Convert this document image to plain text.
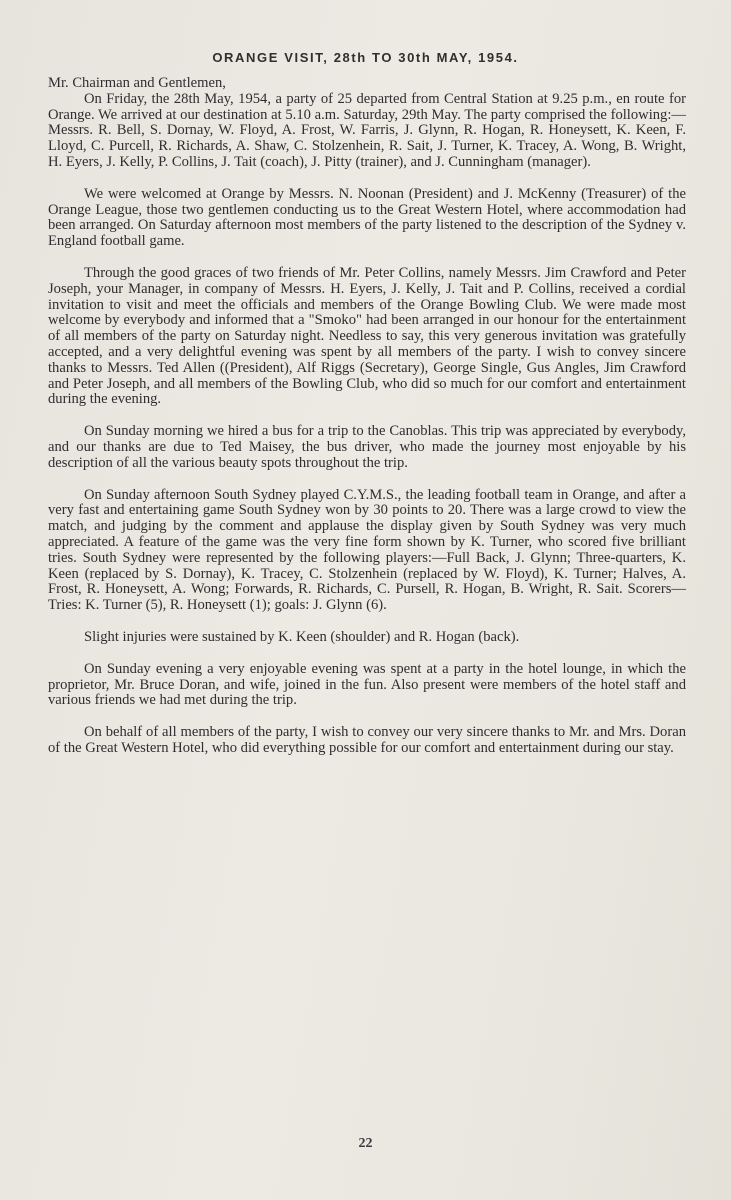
ORANGE VISIT, 28th TO 30th MAY, 1954.

Mr. Chairman and Gentlemen,

On Friday, the 28th May, 1954, a party of 25 departed from Central Station at 9.25 p.m., en route for Orange. We arrived at our destination at 5.10 a.m. Saturday, 29th May. The party comprised the following:—Messrs. R. Bell, S. Dornay, W. Floyd, A. Frost, W. Farris, J. Glynn, R. Hogan, R. Honeysett, K. Keen, F. Lloyd, C. Purcell, R. Richards, A. Shaw, C. Stolzenhein, R. Sait, J. Turner, K. Tracey, A. Wong, B. Wright, H. Eyers, J. Kelly, P. Collins, J. Tait (coach), J. Pitty (trainer), and J. Cunningham (manager).

We were welcomed at Orange by Messrs. N. Noonan (President) and J. McKenny (Treasurer) of the Orange League, those two gentlemen conducting us to the Great Western Hotel, where accommodation had been arranged. On Saturday afternoon most members of the party listened to the description of the Sydney v. England football game.

Through the good graces of two friends of Mr. Peter Collins, namely Messrs. Jim Crawford and Peter Joseph, your Manager, in company of Messrs. H. Eyers, J. Kelly, J. Tait and P. Collins, received a cordial invitation to visit and meet the officials and members of the Orange Bowling Club. We were made most welcome by everybody and informed that a "Smoko" had been arranged in our honour for the entertainment of all members of the party on Saturday night. Needless to say, this very generous invitation was gratefully accepted, and a very delightful evening was spent by all members of the party. I wish to convey sincere thanks to Messrs. Ted Allen ((President), Alf Riggs (Secretary), George Single, Gus Angles, Jim Crawford and Peter Joseph, and all members of the Bowling Club, who did so much for our comfort and entertainment during the evening.

On Sunday morning we hired a bus for a trip to the Canoblas. This trip was appreciated by everybody, and our thanks are due to Ted Maisey, the bus driver, who made the journey most enjoyable by his description of all the various beauty spots throughout the trip.

On Sunday afternoon South Sydney played C.Y.M.S., the leading football team in Orange, and after a very fast and entertaining game South Sydney won by 30 points to 20. There was a large crowd to view the match, and judging by the comment and applause the display given by South Sydney was very much appreciated. A feature of the game was the very fine form shown by K. Turner, who scored five brilliant tries. South Sydney were represented by the following players:—Full Back, J. Glynn; Three-quarters, K. Keen (replaced by S. Dornay), K. Tracey, C. Stolzenhein (replaced by W. Floyd), K. Turner; Halves, A. Frost, R. Honeysett, A. Wong; Forwards, R. Richards, C. Pursell, R. Hogan, B. Wright, R. Sait. Scorers—Tries: K. Turner (5), R. Honeysett (1); goals: J. Glynn (6).

Slight injuries were sustained by K. Keen (shoulder) and R. Hogan (back).

On Sunday evening a very enjoyable evening was spent at a party in the hotel lounge, in which the proprietor, Mr. Bruce Doran, and wife, joined in the fun. Also present were members of the hotel staff and various friends we had met during the trip.

On behalf of all members of the party, I wish to convey our very sincere thanks to Mr. and Mrs. Doran of the Great Western Hotel, who did everything possible for our comfort and entertainment during our stay.

22
